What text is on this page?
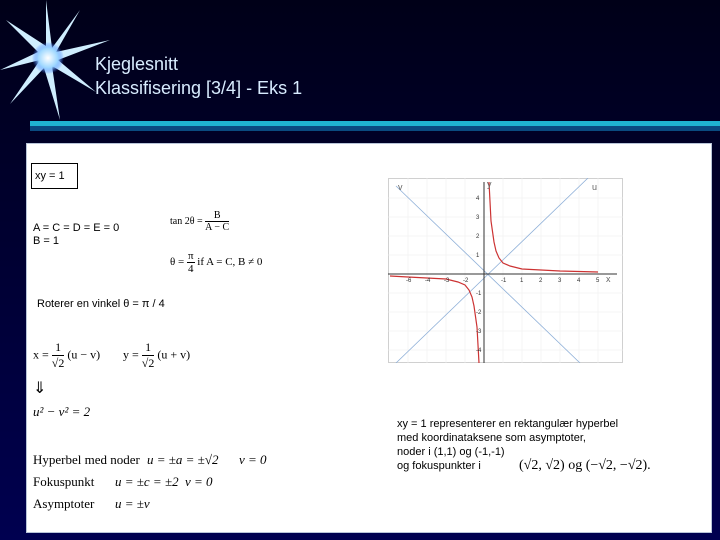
Kjeglesnitt
Klassifisering [3/4] - Eks 1
xy = 1
A = C = D = E = 0
B = 1
$\tan 2\theta = \frac{B}{A - C}$
$\theta = \frac{\pi}{4}$ if A = C, B ≠ 0
Roterer en vinkel θ = π / 4
$x = \frac{1}{√2} (u - v) y = \frac{1}{√2} (u + v)$
⇓
u² − v² = 2
Hyperbel med noder u = ±a = ±√2 v = 0
Fokuspunkt u = ±c = ±2 v = 0
Asymptoter u = ±v
v	y	u
x
-6 -4 -3 -2	-1 1	2	3	4	5
4
3
2
1
-1
-2
-3
-4
xy = 1 representerer en rektangulær hyperbel
med koordinataksene som asymptoter,
noder i (1,1) og (-1,-1)
og fokuspunkter i	(√2, √2) og (−√2, −√2).
